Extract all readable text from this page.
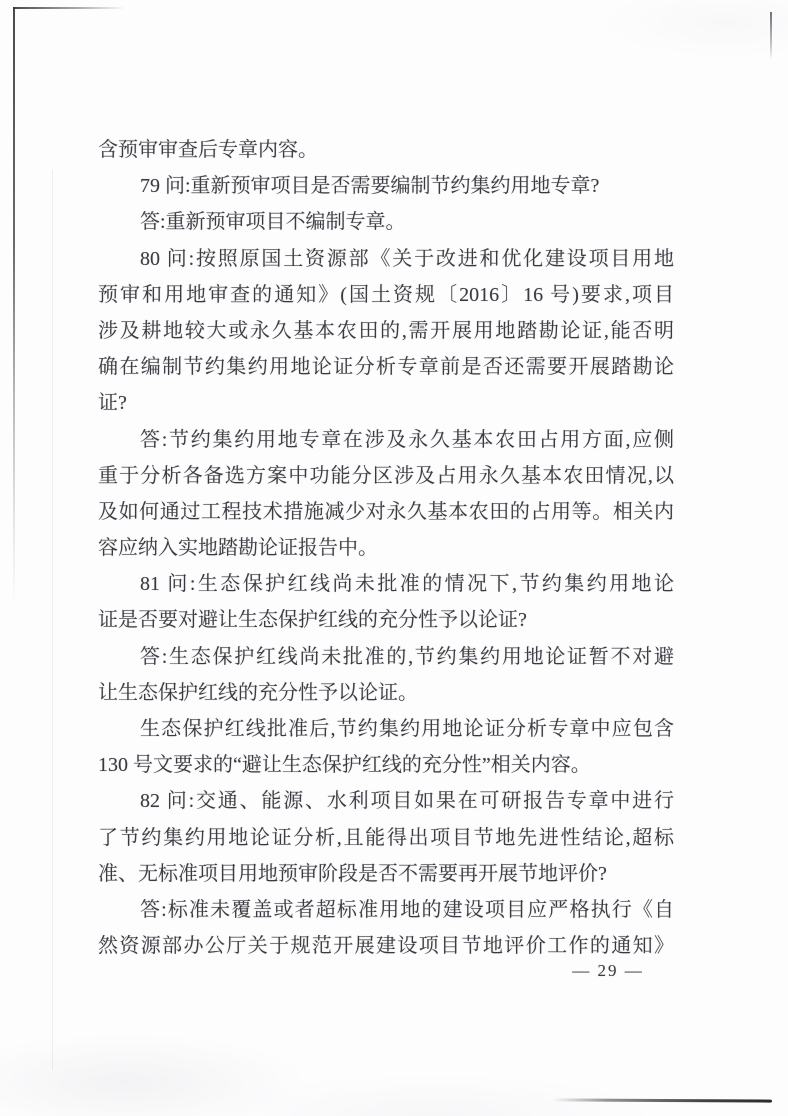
含预审审查后专章内容。
79 问:重新预审项目是否需要编制节约集约用地专章?
答:重新预审项目不编制专章。
80 问:按照原国土资源部《关于改进和优化建设项目用地
预审和用地审查的通知》(国土资规〔2016〕16 号)要求,项目
涉及耕地较大或永久基本农田的,需开展用地踏勘论证,能否明
确在编制节约集约用地论证分析专章前是否还需要开展踏勘论
证?
答:节约集约用地专章在涉及永久基本农田占用方面,应侧
重于分析各备选方案中功能分区涉及占用永久基本农田情况,以
及如何通过工程技术措施减少对永久基本农田的占用等。相关内
容应纳入实地踏勘论证报告中。
81 问:生态保护红线尚未批准的情况下,节约集约用地论
证是否要对避让生态保护红线的充分性予以论证?
答:生态保护红线尚未批准的,节约集约用地论证暂不对避
让生态保护红线的充分性予以论证。
生态保护红线批准后,节约集约用地论证分析专章中应包含
130 号文要求的“避让生态保护红线的充分性”相关内容。
82 问:交通、能源、水利项目如果在可研报告专章中进行
了节约集约用地论证分析,且能得出项目节地先进性结论,超标
准、无标准项目用地预审阶段是否不需要再开展节地评价?
答:标准未覆盖或者超标准用地的建设项目应严格执行《自
然资源部办公厅关于规范开展建设项目节地评价工作的通知》
— 29 —
